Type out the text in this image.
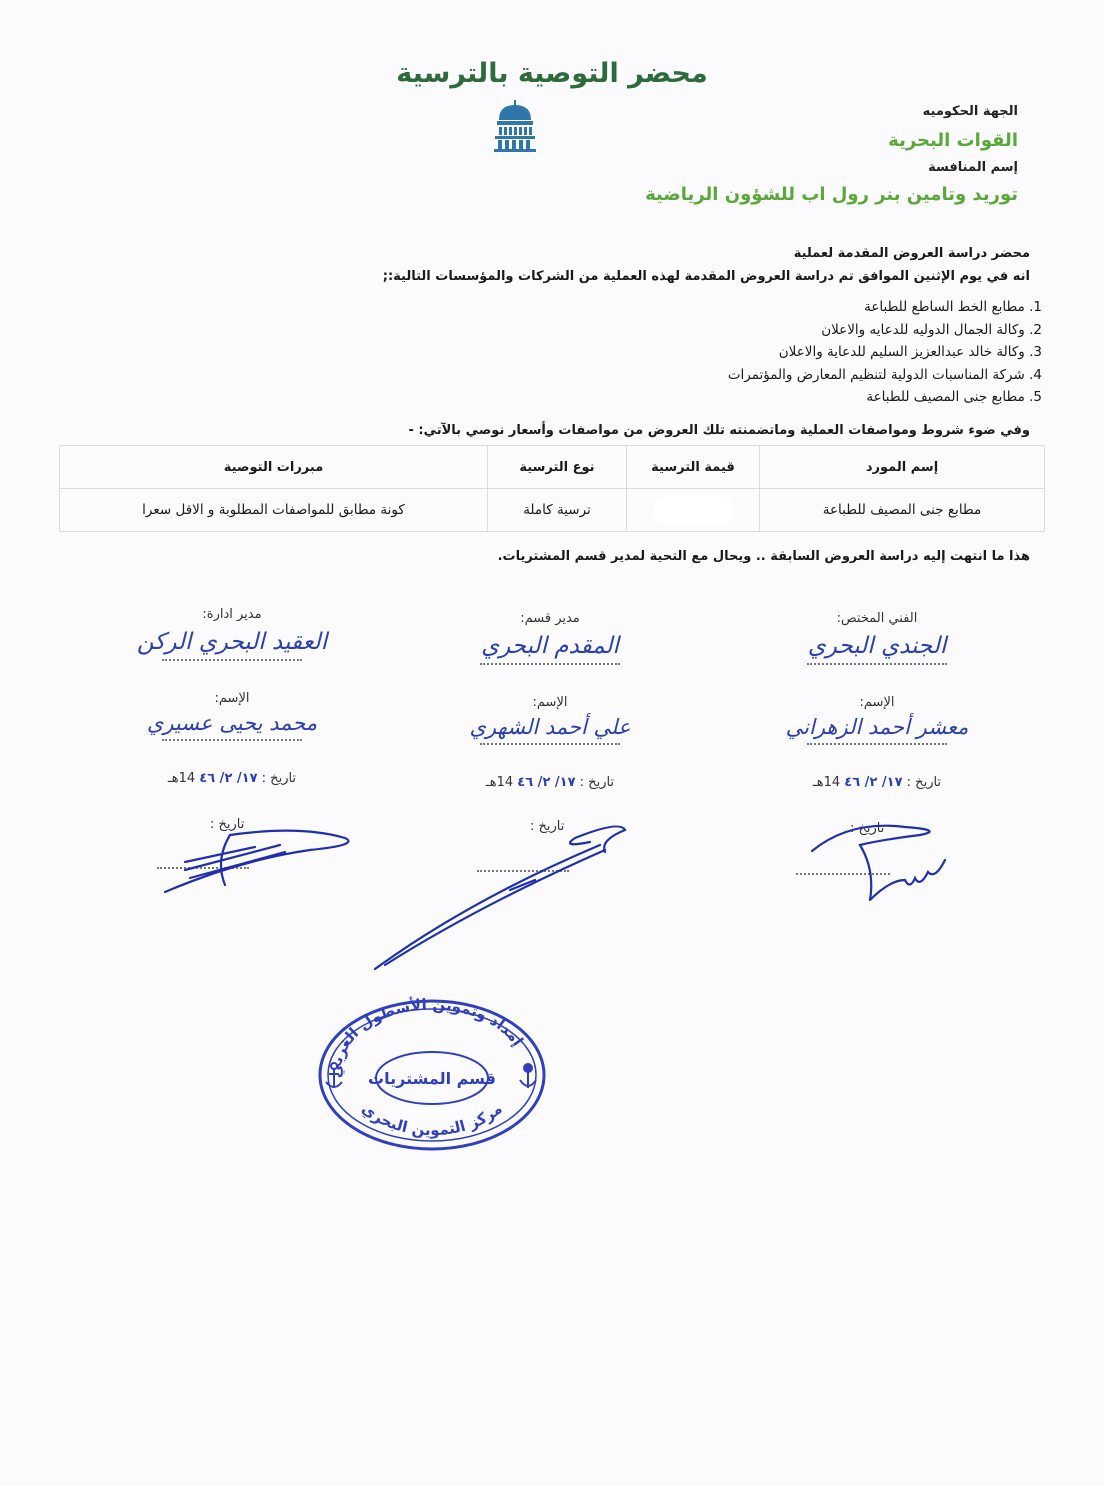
محضر التوصية بالترسية
الجهة الحكوميه
القوات البحرية
إسم المنافسة
توريد وتامين بنر رول اب للشؤون الرياضية
محضر دراسة العروض المقدمة لعملية
انه في يوم الإثنين الموافق تم دراسة العروض المقدمة لهذه العملية من الشركات والمؤسسات التالية:;
1. مطابع الخط الساطع للطباعة
2. وكالة الجمال الدوليه للدعايه والاعلان
3. وكالة خالد عبدالعزيز السليم للدعاية والاعلان
4. شركة المناسبات الدولية لتنظيم المعارض والمؤتمرات
5. مطابع جنى المصيف للطباعة
وفي ضوء شروط ومواصفات العملية وماتضمنته تلك العروض من مواصفات وأسعار نوصي بالآتي: -
إسم المورد	قيمة الترسية	نوع الترسية	مبررات التوصية
مطابع جنى المصيف للطباعة		ترسية كاملة	كونة مطابق للمواصفات المطلوبة و الاقل سعرا
هذا ما انتهت إليه دراسة العروض السابقة .. ويحال مع التحية لمدير قسم المشتريات.
الفني المختص:
الجندي البحري
الإسم:
معشر أحمد الزهراني
تاريخ : ١٧/ ٢/ ٤٦ 14هـ
مدير قسم:
المقدم البحري
الإسم:
علي أحمد الشهري
تاريخ : ١٧/ ٢/ ٤٦ 14هـ
مدير ادارة:
العقيد البحري الركن
الإسم:
محمد يحيى عسيري
تاريخ : ١٧/ ٢/ ٤٦ 14هـ
تاريخ :
تاريخ :
تاريخ :
إمداد وتموين الأسطول الغربي
قسم المشتريات
مركز التموين البحري
